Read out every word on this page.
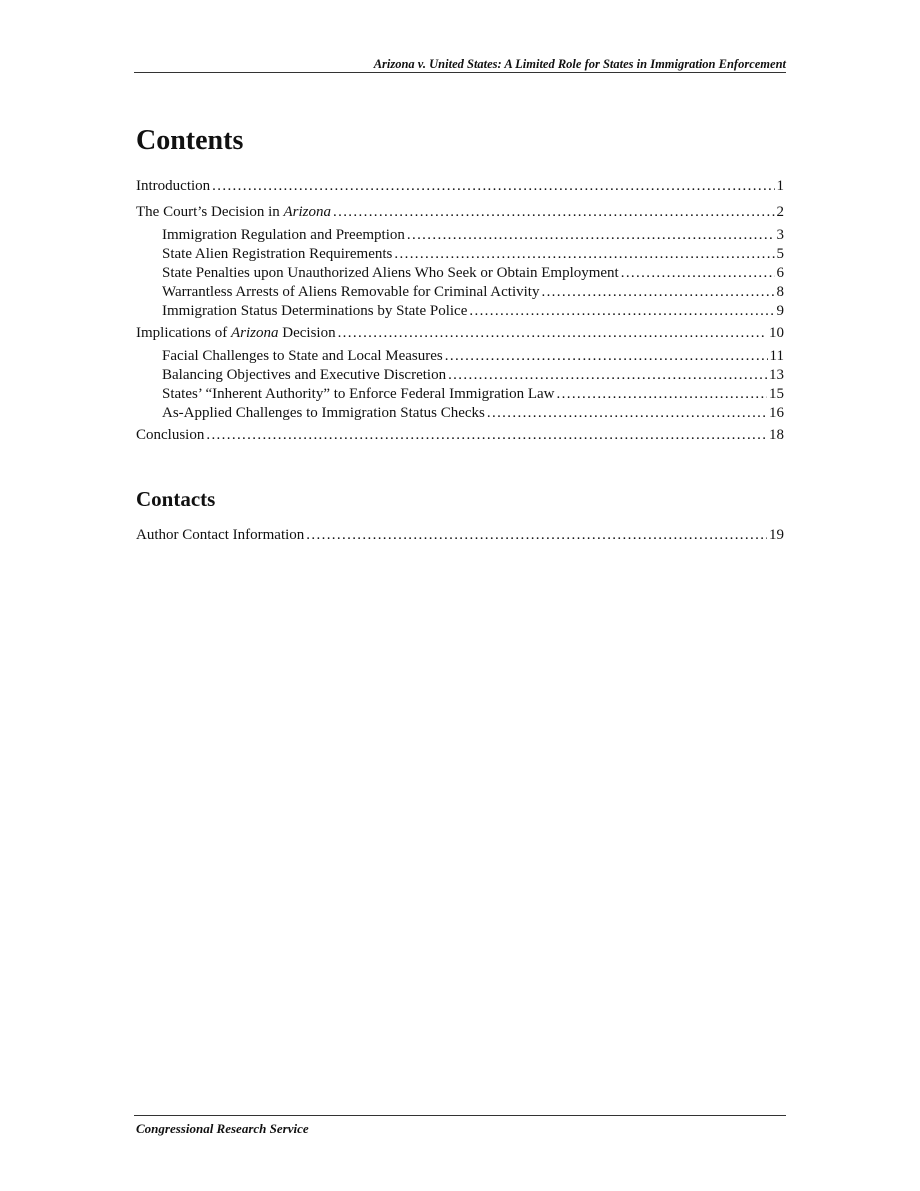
Arizona v. United States: A Limited Role for States in Immigration Enforcement
Contents
Introduction . . .	1
The Court’s Decision in Arizona . . .	2
Immigration Regulation and Preemption . . .	3
State Alien Registration Requirements . . .	5
State Penalties upon Unauthorized Aliens Who Seek or Obtain Employment . . .	6
Warrantless Arrests of Aliens Removable for Criminal Activity . . .	8
Immigration Status Determinations by State Police . . .	9
Implications of Arizona Decision . . .	10
Facial Challenges to State and Local Measures . . .	11
Balancing Objectives and Executive Discretion . . .	13
States’ “Inherent Authority” to Enforce Federal Immigration Law . . .	15
As-Applied Challenges to Immigration Status Checks . . .	16
Conclusion . . .	18
Contacts
Author Contact Information . . .	19
Congressional Research Service
